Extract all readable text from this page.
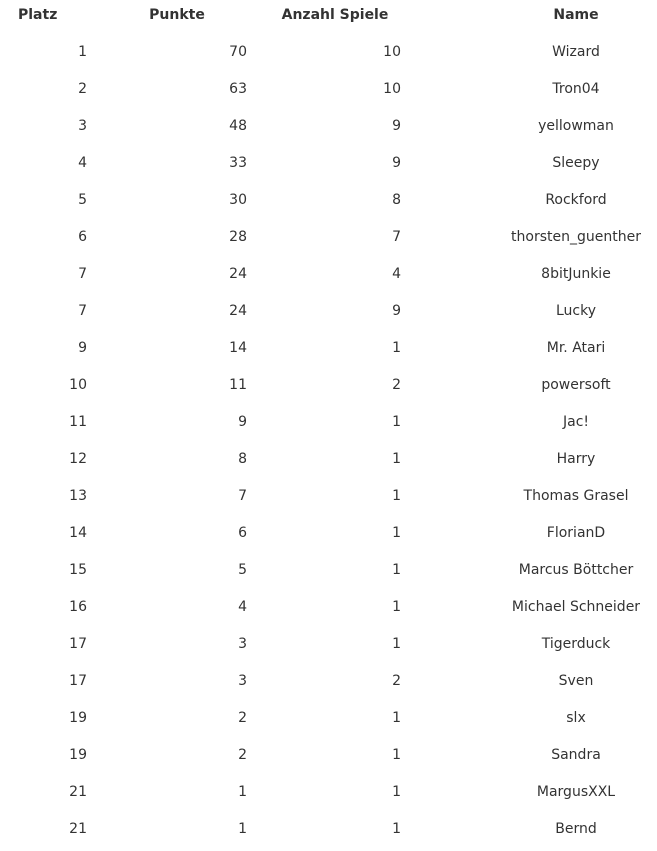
Platz	Punkte	Anzahl Spiele	Name
1	70	10	Wizard
2	63	10	Tron04
3	48	9	yellowman
4	33	9	Sleepy
5	30	8	Rockford
6	28	7	thorsten_guenther
7	24	4	8bitJunkie
7	24	9	Lucky
9	14	1	Mr. Atari
10	11	2	powersoft
11	9	1	Jac!
12	8	1	Harry
13	7	1	Thomas Grasel
14	6	1	FlorianD
15	5	1	Marcus Böttcher
16	4	1	Michael Schneider
17	3	1	Tigerduck
17	3	2	Sven
19	2	1	slx
19	2	1	Sandra
21	1	1	MargusXXL
21	1	1	Bernd
